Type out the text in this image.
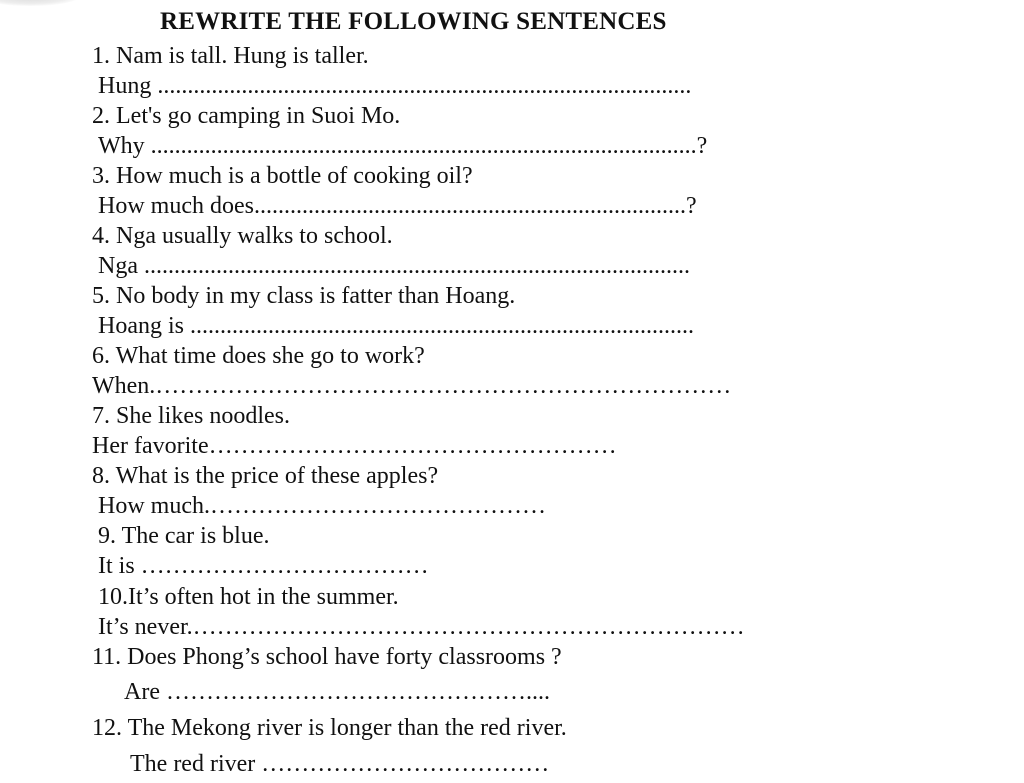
REWRITE THE FOLLOWING SENTENCES
1. Nam is tall. Hung is taller.
Hung .........................................................................................
2. Let's go camping in Suoi Mo.
Why ...........................................................................................?
3. How much is a bottle of cooking oil?
How much does........................................................................?
4. Nga usually walks to school.
Nga ...........................................................................................
5. No body in my class is fatter than Hoang.
Hoang is ....................................................................................
6. What time does she go to work?
When.………………………………………………………………
7. She likes noodles.
Her favorite……………………………………………
8. What is the price of these apples?
How much.……………………………………
9. The car is blue.
It is ………………………………
10.It’s often hot in the summer.
It’s never.……………………………………………………………
11. Does Phong’s school have forty classrooms ?
Are ………………………………………....
12. The Mekong river is longer than the red river.
The red river ………………………………
